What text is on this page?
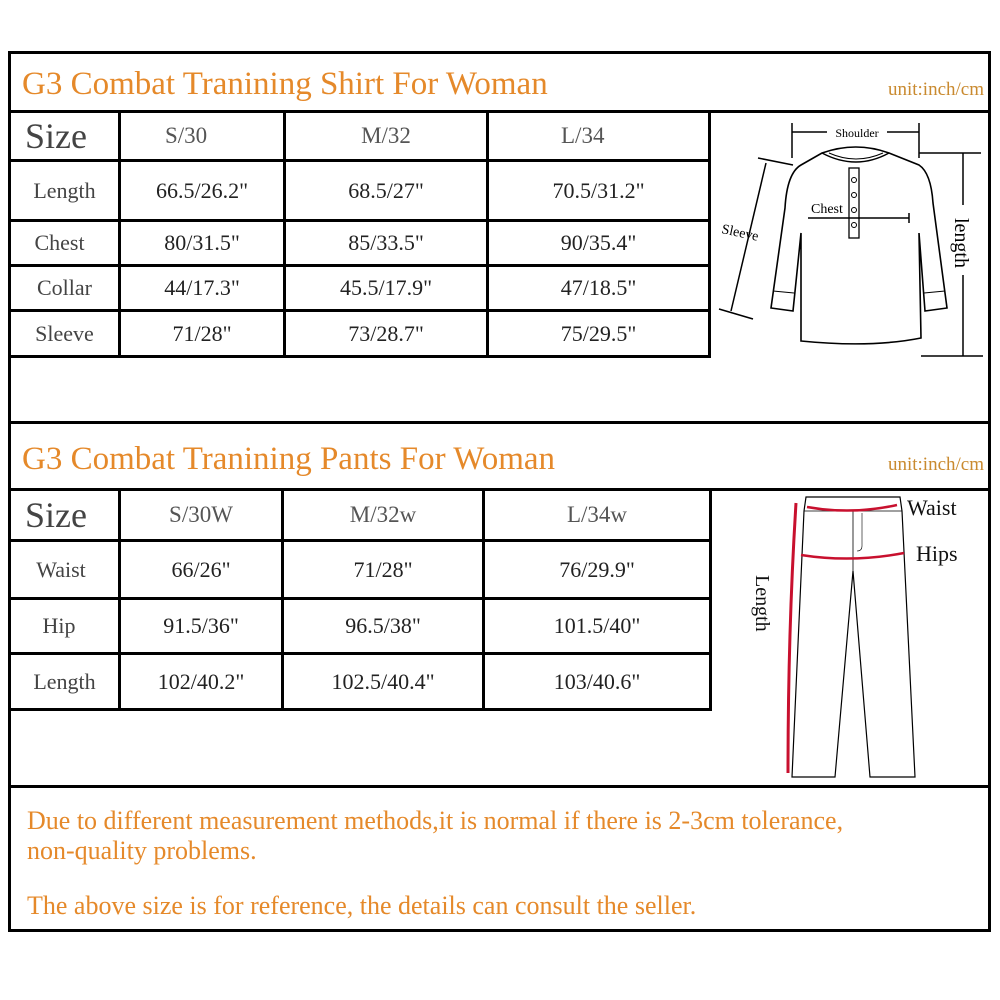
G3 Combat Tranining Shirt For Woman	unit:inch/cm
Size	S/30	M/32	L/34
Length	66.5/26.2"	68.5/27"	70.5/31.2"
Chest	80/31.5"	85/33.5"	90/35.4"
Collar	44/17.3"	45.5/17.9"	47/18.5"
Sleeve	71/28"	73/28.7"	75/29.5"
Shoulder
Chest
Sleeve	length
G3 Combat Tranining Pants For Woman	unit:inch/cm
Size	S/30W	M/32w	L/34w
Waist	66/26"	71/28"	76/29.9"
Hip	91.5/36"	96.5/38"	101.5/40"
Length	102/40.2"	102.5/40.4"	103/40.6"
Waist
Hips
Length
Due to different measurement methods,it is normal if there is 2-3cm tolerance,
non-quality problems.
The above size is for reference, the details can consult the seller.
